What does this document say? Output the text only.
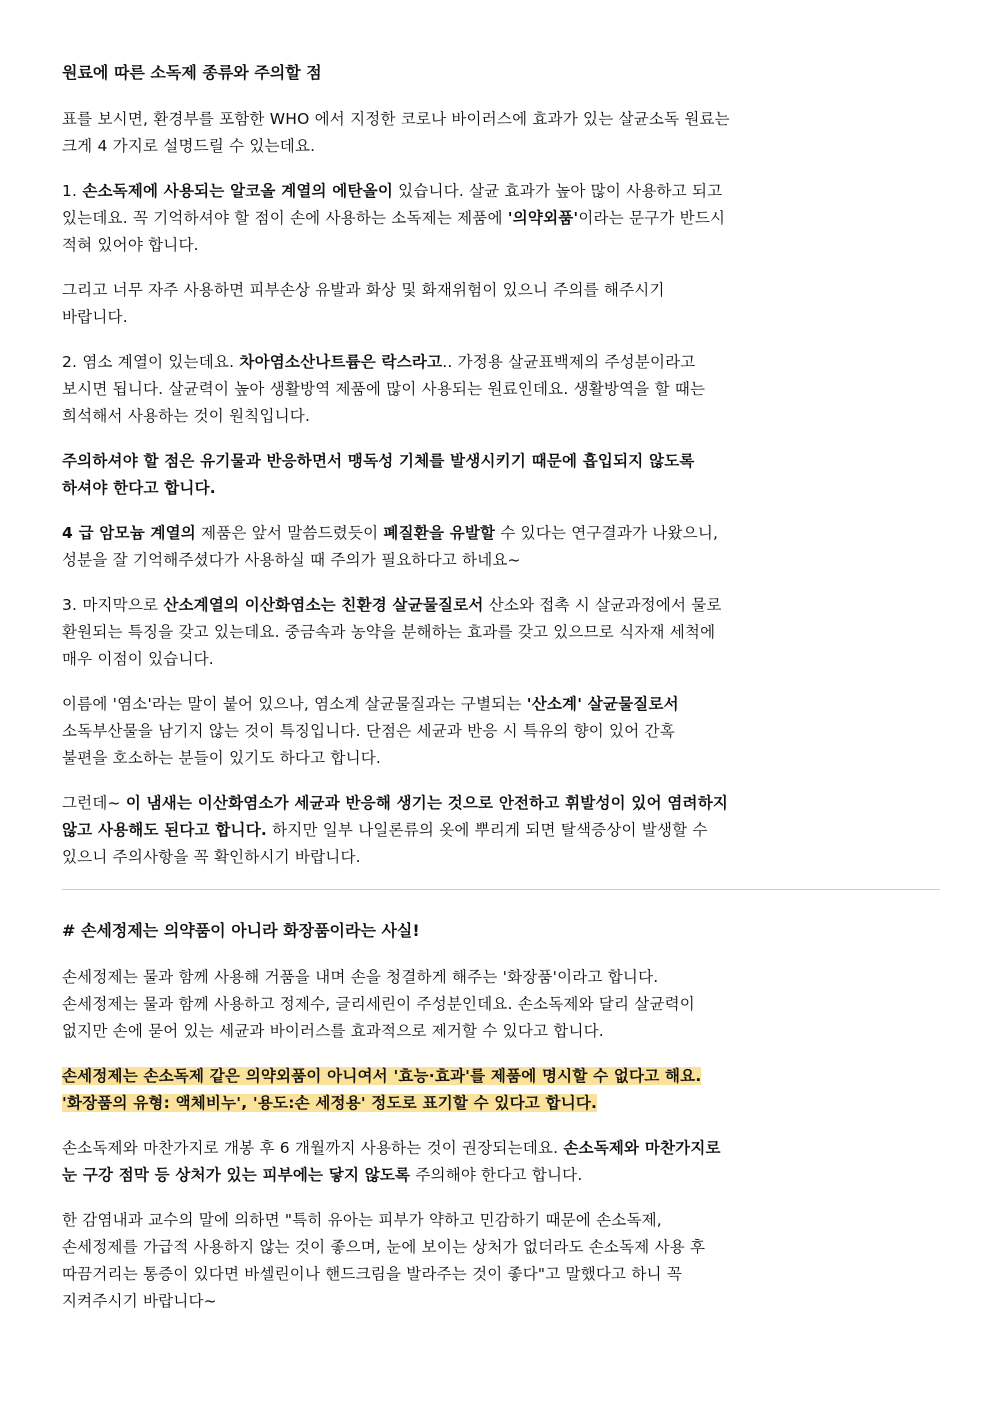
원료에 따른 소독제 종류와 주의할 점

표를 보시면, 환경부를 포함한 WHO 에서 지정한 코로나 바이러스에 효과가 있는 살균소독 원료는
크게 4 가지로 설명드릴 수 있는데요.

1. 손소독제에 사용되는 알코올 계열의 에탄올이 있습니다. 살균 효과가 높아 많이 사용하고 되고
있는데요. 꼭 기억하셔야 할 점이 손에 사용하는 소독제는 제품에 '의약외품'이라는 문구가 반드시
적혀 있어야 합니다.

그리고 너무 자주 사용하면 피부손상 유발과 화상 및 화재위험이 있으니 주의를 해주시기
바랍니다.

2. 염소 계열이 있는데요. 차아염소산나트륨은 락스라고.. 가정용 살균표백제의 주성분이라고
보시면 됩니다. 살균력이 높아 생활방역 제품에 많이 사용되는 원료인데요. 생활방역을 할 때는
희석해서 사용하는 것이 원칙입니다.

주의하셔야 할 점은 유기물과 반응하면서 맹독성 기체를 발생시키기 때문에 흡입되지 않도록
하셔야 한다고 합니다.

4 급 암모늄 계열의 제품은 앞서 말씀드렸듯이 폐질환을 유발할 수 있다는 연구결과가 나왔으니,
성분을 잘 기억해주셨다가 사용하실 때 주의가 필요하다고 하네요~

3. 마지막으로 산소계열의 이산화염소는 친환경 살균물질로서 산소와 접촉 시 살균과정에서 물로
환원되는 특징을 갖고 있는데요. 중금속과 농약을 분해하는 효과를 갖고 있으므로 식자재 세척에
매우 이점이 있습니다.

이름에 '염소'라는 말이 붙어 있으나, 염소계 살균물질과는 구별되는 '산소계' 살균물질로서
소독부산물을 남기지 않는 것이 특징입니다. 단점은 세균과 반응 시 특유의 향이 있어 간혹
불편을 호소하는 분들이 있기도 하다고 합니다.

그런데~ 이 냄새는 이산화염소가 세균과 반응해 생기는 것으로 안전하고 휘발성이 있어 염려하지
않고 사용해도 된다고 합니다. 하지만 일부 나일론류의 옷에 뿌리게 되면 탈색증상이 발생할 수
있으니 주의사항을 꼭 확인하시기 바랍니다.

# 손세정제는 의약품이 아니라 화장품이라는 사실!

손세정제는 물과 함께 사용해 거품을 내며 손을 청결하게 해주는 '화장품'이라고 합니다.
손세정제는 물과 함께 사용하고 정제수, 글리세린이 주성분인데요. 손소독제와 달리 살균력이
없지만 손에 묻어 있는 세균과 바이러스를 효과적으로 제거할 수 있다고 합니다.

손세정제는 손소독제 같은 의약외품이 아니여서 '효능·효과'를 제품에 명시할 수 없다고 해요.
'화장품의 유형: 액체비누', '용도:손 세정용' 정도로 표기할 수 있다고 합니다.

손소독제와 마찬가지로 개봉 후 6 개월까지 사용하는 것이 권장되는데요. 손소독제와 마찬가지로
눈 구강 점막 등 상처가 있는 피부에는 닿지 않도록 주의해야 한다고 합니다.

한 감염내과 교수의 말에 의하면 "특히 유아는 피부가 약하고 민감하기 때문에 손소독제,
손세정제를 가급적 사용하지 않는 것이 좋으며, 눈에 보이는 상처가 없더라도 손소독제 사용 후
따끔거리는 통증이 있다면 바셀린이나 핸드크림을 발라주는 것이 좋다"고 말했다고 하니 꼭
지켜주시기 바랍니다~
